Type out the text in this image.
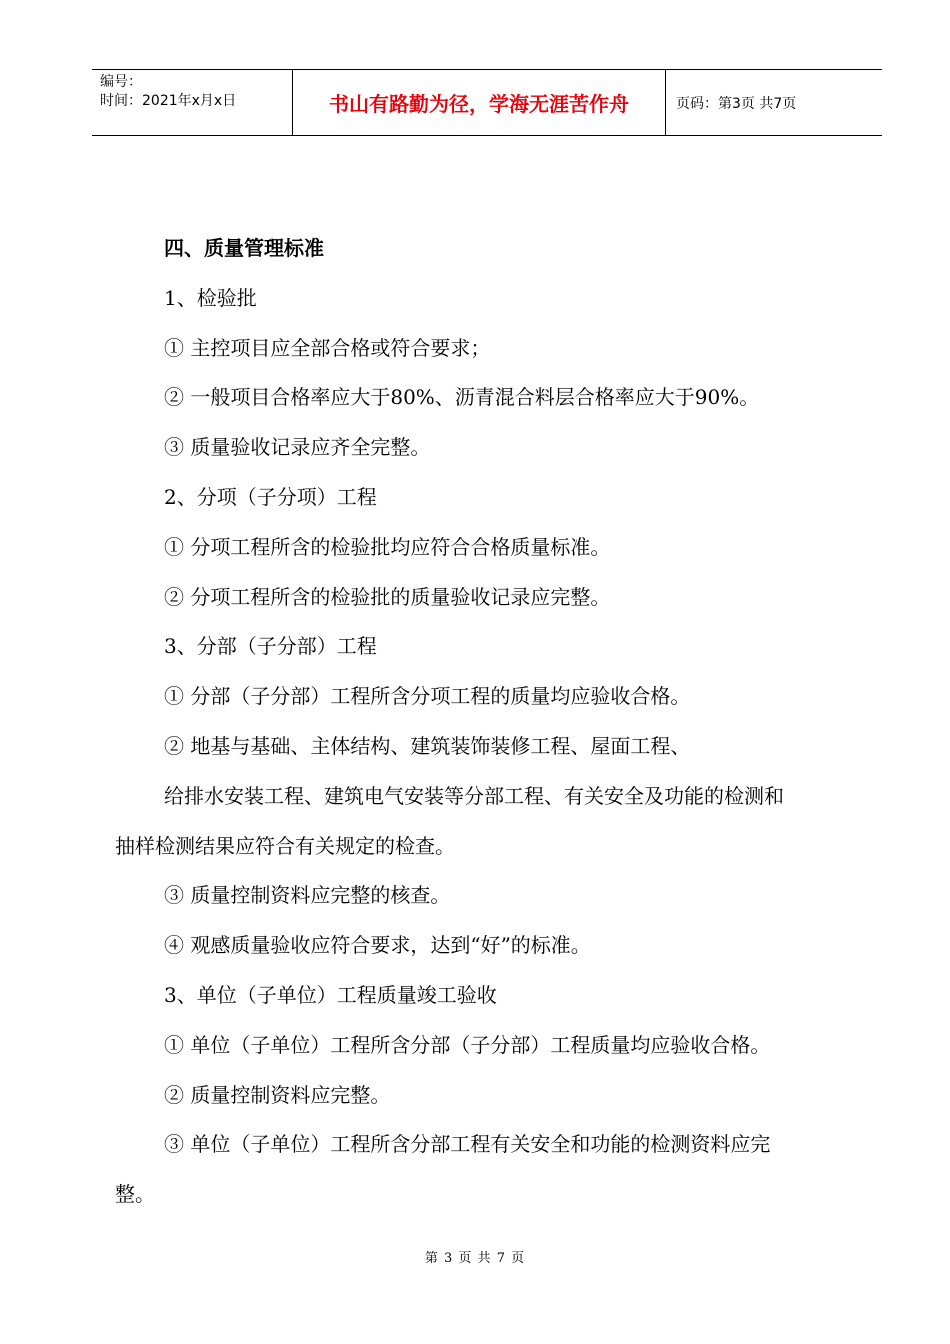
编号：
时间：2021年x月x日	书山有路勤为径，学海无涯苦作舟	页码：第3页 共7页

四、质量管理标准

1、检验批

① 主控项目应全部合格或符合要求；

② 一般项目合格率应大于80%、沥青混合料层合格率应大于90%。

③ 质量验收记录应齐全完整。

2、分项（子分项）工程

① 分项工程所含的检验批均应符合合格质量标准。

② 分项工程所含的检验批的质量验收记录应完整。

3、分部（子分部）工程

① 分部（子分部）工程所含分项工程的质量均应验收合格。

② 地基与基础、主体结构、建筑装饰装修工程、屋面工程、

给排水安装工程、建筑电气安装等分部工程、有关安全及功能的检测和

抽样检测结果应符合有关规定的检查。

③ 质量控制资料应完整的核查。

④ 观感质量验收应符合要求，达到“好”的标准。

3、单位（子单位）工程质量竣工验收

① 单位（子单位）工程所含分部（子分部）工程质量均应验收合格。

② 质量控制资料应完整。

③ 单位（子单位）工程所含分部工程有关安全和功能的检测资料应完

整。

第 3 页 共 7 页
